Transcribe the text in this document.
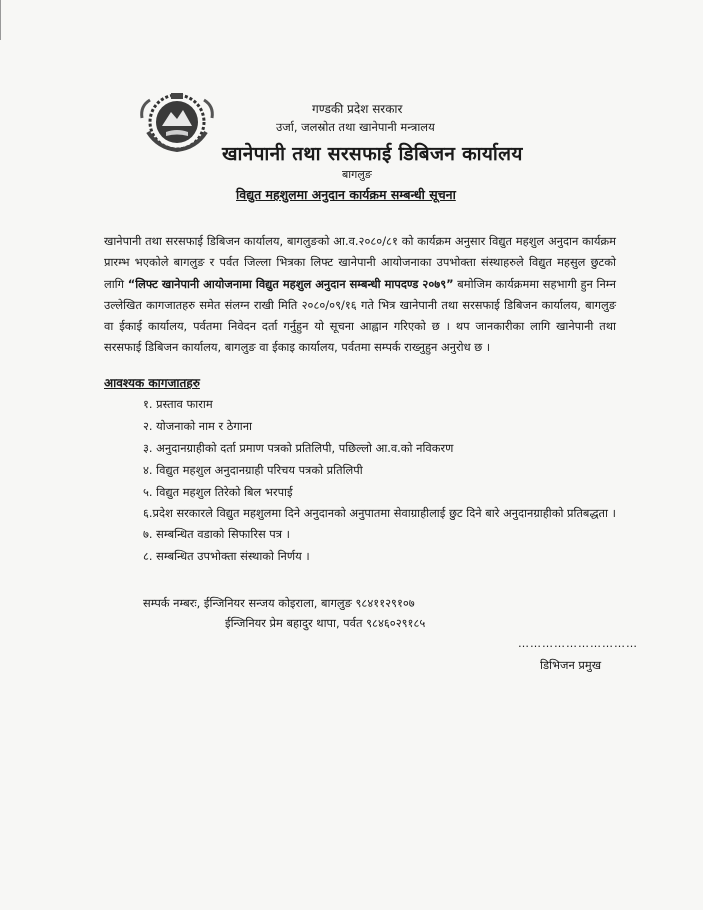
गण्डकी प्रदेश सरकार
उर्जा, जलस्रोत तथा खानेपानी मन्त्रालय
खानेपानी तथा सरसफाई डिबिजन कार्यालय
बागलुङ
विद्युत महशुलमा अनुदान कार्यक्रम सम्बन्धी सूचना
खानेपानी तथा सरसफाई डिबिजन कार्यालय, बागलुङको आ.व.२०८०/८१ को कार्यक्रम अनुसार विद्युत महशुल अनुदान कार्यक्रम प्रारम्भ भएकोले बागलुङ र पर्वत जिल्ला भित्रका लिफ्ट खानेपानी आयोजनाका उपभोक्ता संस्थाहरुले विद्युत महसुल छुटको लागि “लिफ्ट खानेपानी आयोजनामा विद्युत महशुल अनुदान सम्बन्धी मापदण्ड २०७९” बमोजिम कार्यक्रममा सहभागी हुन निम्न उल्लेखित कागजातहरु समेत संलग्न राखी मिति २०८०/०९/१६ गते भित्र खानेपानी तथा सरसफाई डिबिजन कार्यालय, बागलुङ वा ईकाई कार्यालय, पर्वतमा निवेदन दर्ता गर्नुहुन यो सूचना आह्वान गरिएको छ । थप जानकारीका लागि खानेपानी तथा सरसफाई डिबिजन कार्यालय, बागलुङ वा ईकाइ कार्यालय, पर्वतमा सम्पर्क राख्नुहुन अनुरोध छ ।
आवश्यक कागजातहरु
१. प्रस्ताव फाराम
२. योजनाको नाम र ठेगाना
३. अनुदानग्राहीको दर्ता प्रमाण पत्रको प्रतिलिपी, पछिल्लो आ.व.को नविकरण
४. विद्युत महशुल अनुदानग्राही परिचय पत्रको प्रतिलिपी
५. विद्युत महशुल तिरेको बिल भरपाई
६.प्रदेश सरकारले विद्युत महशुलमा दिने अनुदानको अनुपातमा सेवाग्राहीलाई छुट दिने बारे अनुदानग्राहीको प्रतिबद्धता ।
७. सम्बन्धित वडाको सिफारिस पत्र ।
८. सम्बन्धित उपभोक्ता संस्थाको निर्णय ।
सम्पर्क नम्बरः, ईन्जिनियर सन्जय कोइराला, बागलुङ ९८४११२९१०७
ईन्जिनियर प्रेम बहादुर थापा, पर्वत ९८४६०२९१८५
…………………………
डिभिजन प्रमुख
